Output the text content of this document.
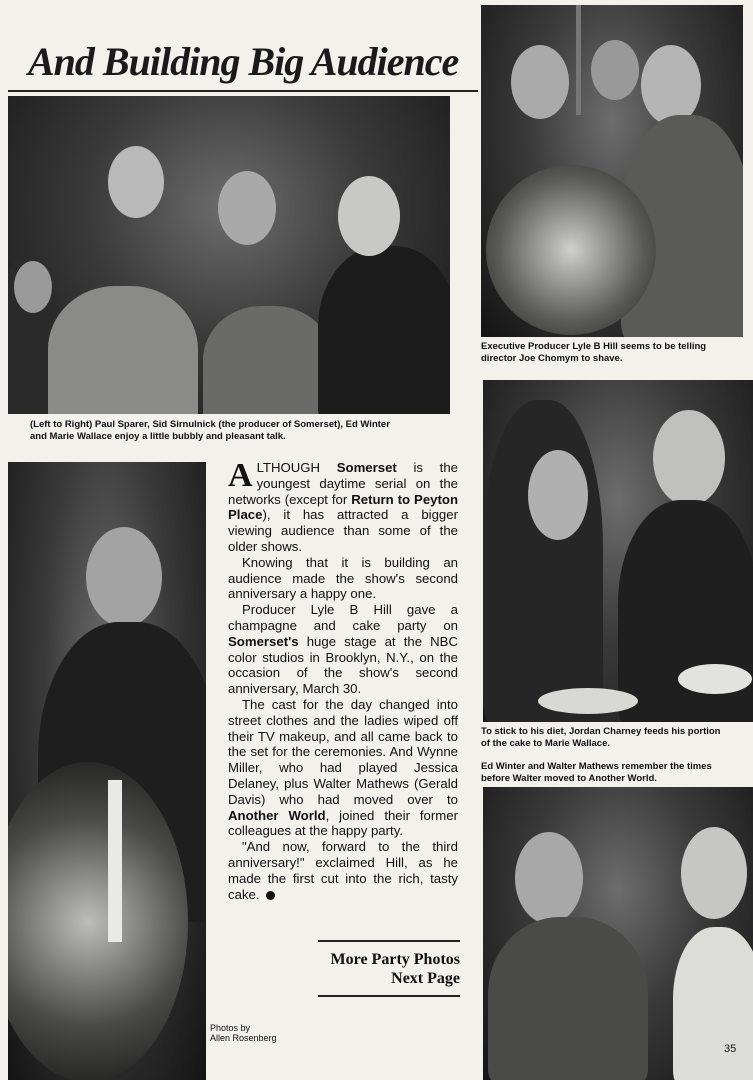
And Building Big Audience
(Left to Right) Paul Sparer, Sid Sirnulnick (the producer of Somerset), Ed Winter and Marie Wallace enjoy a little bubbly and pleasant talk.
Executive Producer Lyle B Hill seems to be telling director Joe Chomym to shave.

ALTHOUGH Somerset is the youngest daytime serial on the networks (except for Return to Peyton Place), it has attracted a bigger viewing audience than some of the older shows.

Knowing that it is building an audience made the show's second anniversary a happy one.

Producer Lyle B Hill gave a champagne and cake party on Somerset's huge stage at the NBC color studios in Brooklyn, N.Y., on the occasion of the show's second anniversary, March 30.

The cast for the day changed into street clothes and the ladies wiped off their TV makeup, and all came back to the set for the ceremonies. And Wynne Miller, who had played Jessica Delaney, plus Walter Mathews (Gerald Davis) who had moved over to Another World, joined their former colleagues at the happy party.

"And now, forward to the third anniversary!" exclaimed Hill, as he made the first cut into the rich, tasty cake.

More Party Photos
Next Page
Photos by
Allen Rosenberg
To stick to his diet, Jordan Charney feeds his portion of the cake to Marie Wallace.
Ed Winter and Walter Mathews remember the times before Walter moved to Another World.
35
